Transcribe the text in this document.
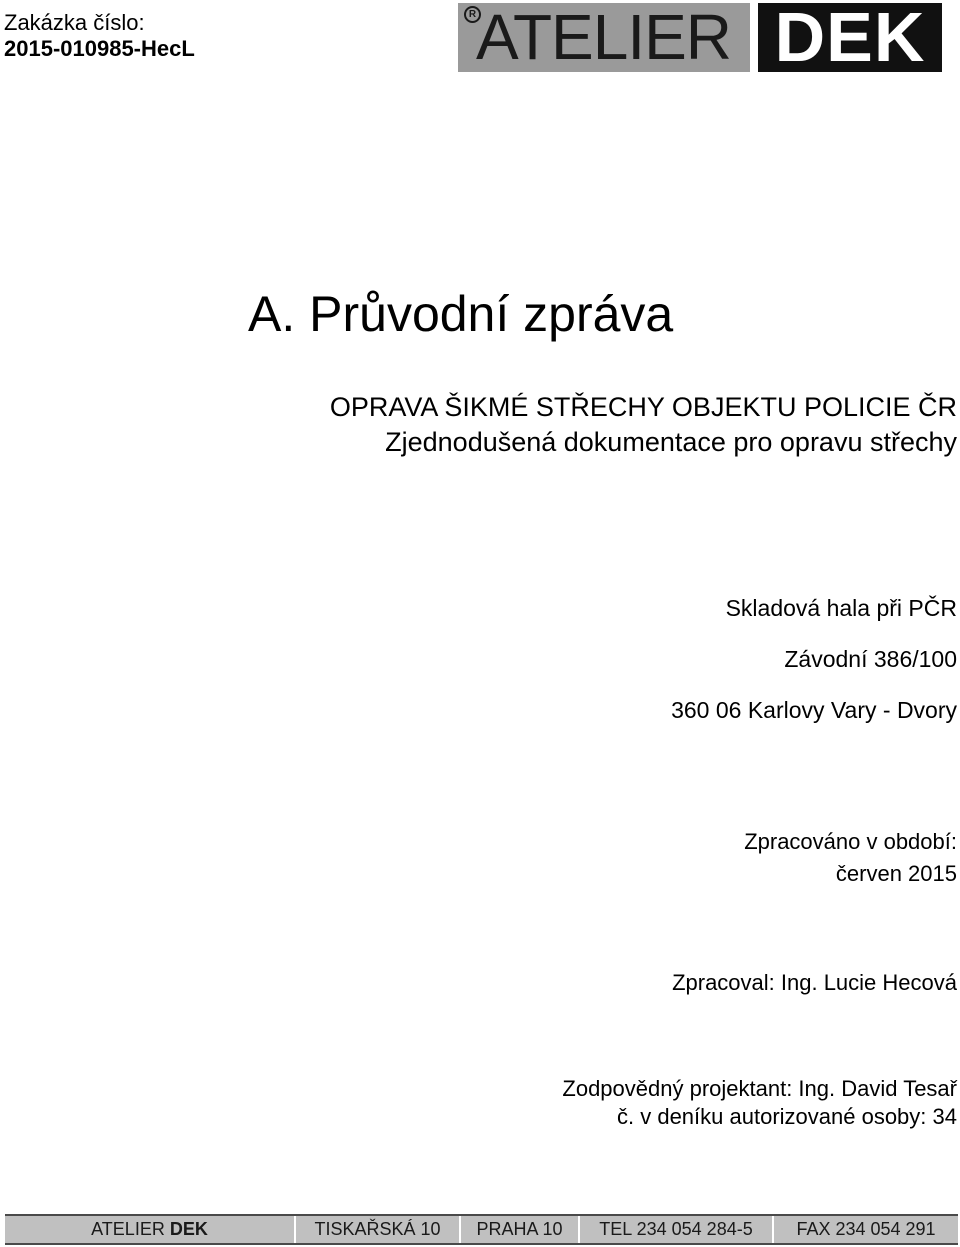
Zakázka číslo:
2015-010985-HecL
R ATELIER DEK
A. Průvodní zpráva
OPRAVA ŠIKMÉ STŘECHY OBJEKTU POLICIE ČR
Zjednodušená dokumentace pro opravu střechy
Skladová hala při PČR
Závodní 386/100
360 06 Karlovy Vary - Dvory
Zpracováno v období:
červen 2015
Zpracoval: Ing. Lucie Hecová
Zodpovědný projektant: Ing. David Tesař
č. v deníku autorizované osoby: 34
ATELIER DEK	TISKAŘSKÁ 10	PRAHA 10	TEL 234 054 284-5	FAX 234 054 291
